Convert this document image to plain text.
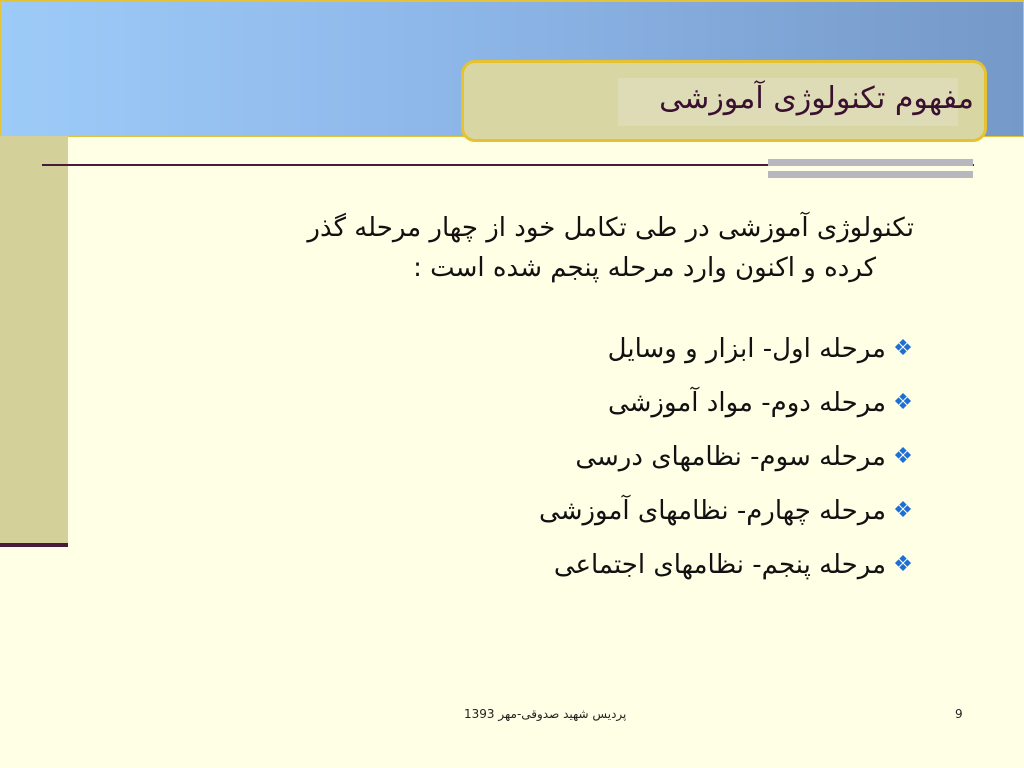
مفهوم تکنولوژی آموزشی

تکنولوژی آموزشی در طی تکامل خود از چهار مرحله گذر
کرده و اکنون وارد مرحله پنجم شده است :

❖
مرحله اول- ابزار و وسایل
❖
مرحله دوم- مواد آموزشی
❖
مرحله سوم- نظامهای درسی
❖
مرحله چهارم- نظامهای آموزشی
❖
مرحله پنجم- نظامهای اجتماعی
پردیس شهید صدوقی-مهر 1393	9
